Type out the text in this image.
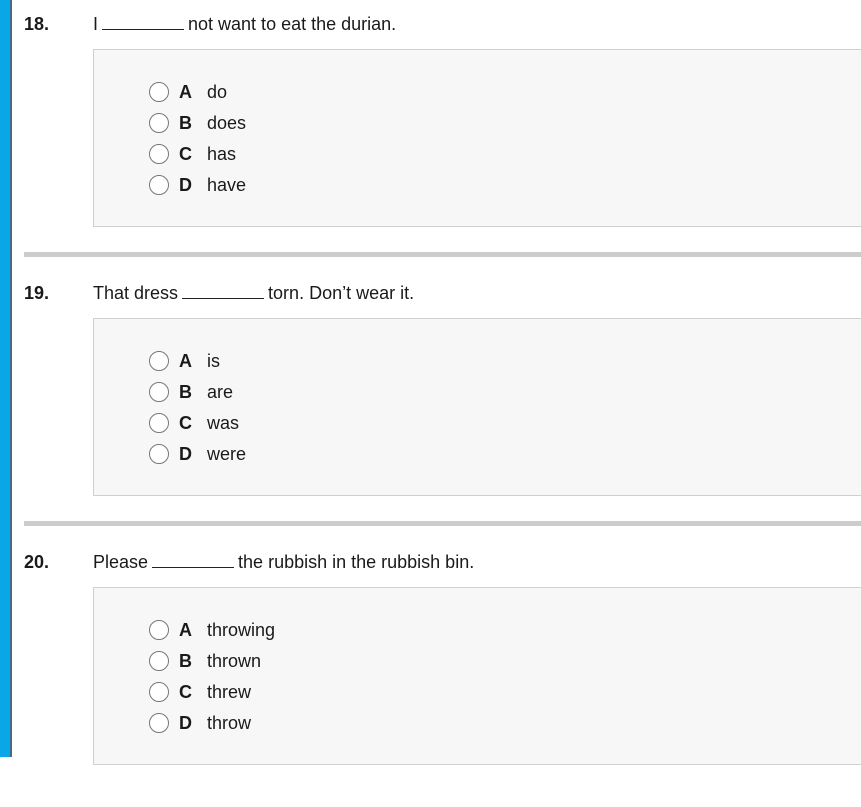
18. I	not want to eat the durian.
A do
B does
C has
D have
19. That dress	torn. Don’t wear it.
A is
B are
C was
D were
20. Please	the rubbish in the rubbish bin.
A throwing
B thrown
C threw
D throw
